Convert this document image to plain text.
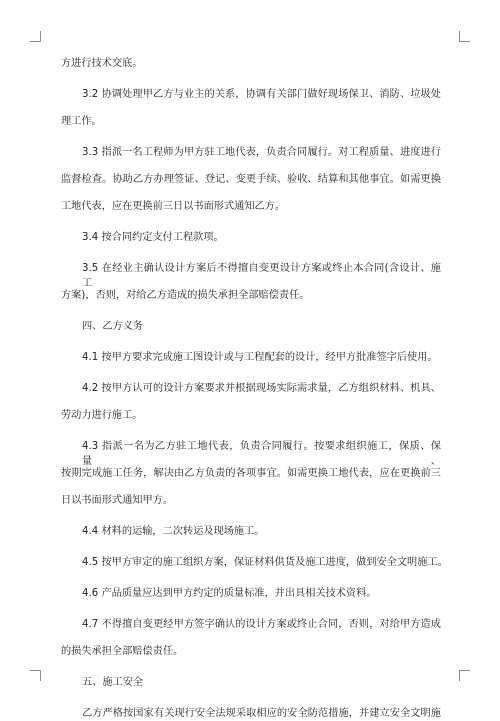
方进行技术交底。
3.2 协调处理甲乙方与业主的关系，协调有关部门做好现场保卫、消防、垃圾处
理工作。
3.3 指派一名工程师为甲方驻工地代表，负责合同履行。对工程质量、进度进行
监督检查。协助乙方办理签证、登记、变更手续、验收、结算和其他事宜。如需更换
工地代表，应在更换前三日以书面形式通知乙方。
3.4 按合同约定支付工程款项。
3.5 在经业主确认设计方案后不得擅自变更设计方案或终止本合同(含设计、施工
方案)，否则，对给乙方造成的损失承担全部赔偿责任。
四、乙方义务
4.1 按甲方要求完成施工图设计或与工程配套的设计，经甲方批准签字后使用。
4.2 按甲方认可的设计方案要求并根据现场实际需求量，乙方组织材料、机具、
劳动力进行施工。
4.3 指派一名为乙方驻工地代表，负责合同履行。按要求组织施工，保质、保量、
按期完成施工任务，解决由乙方负责的各项事宜。如需更换工地代表，应在更换前三
日以书面形式通知甲方。
4.4 材料的运输，二次转运及现场施工。
4.5 按甲方审定的施工组织方案，保证材料供货及施工进度，做到安全文明施工。
4.6 产品质量应达到甲方约定的质量标准，并出具相关技术资料。
4.7 不得擅自变更经甲方签字确认的设计方案或终止合同，否则，对给甲方造成
的损失承担全部赔偿责任。
五、施工安全
乙方严格按国家有关现行安全法规采取相应的安全防范措施，并建立安全文明施
